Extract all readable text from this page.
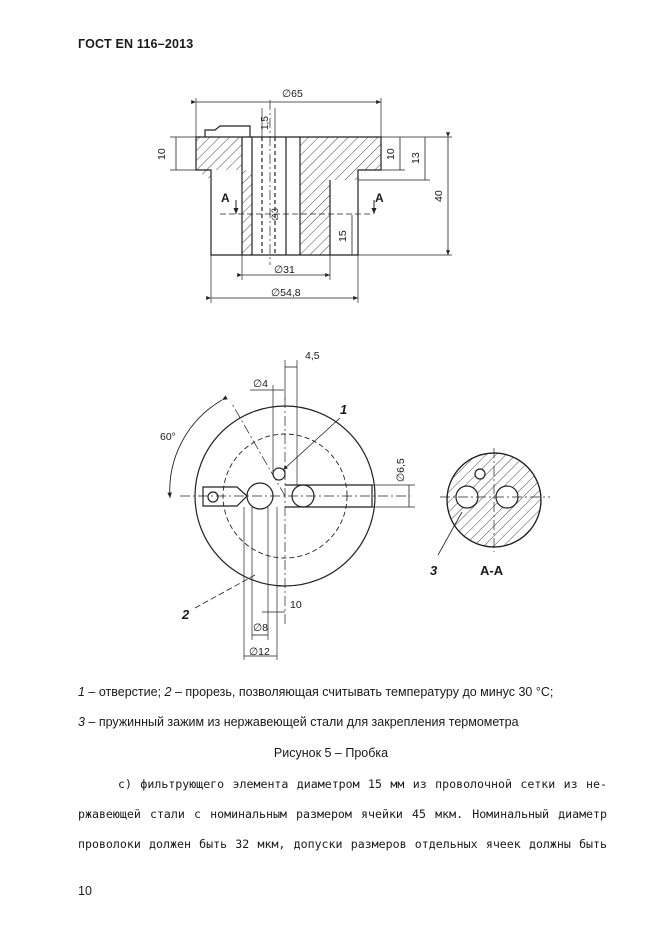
ГОСТ EN 116–2013
∅65
1,5
10	10 13
40
15
∅3
∅31
∅54,8
A	A
4,5
∅4
60°
1
∅6,5
10
∅8
∅12
2
3	А-А
1 – отверстие; 2 – прорезь, позволяющая считывать температуру до минус 30 °С;
3 – пружинный зажим из нержавеющей стали для закрепления термометра
Рисунок 5 – Пробка
с) фильтрующего элемента диаметром 15 мм из проволочной сетки из не-
ржавеющей стали с номинальным размером ячейки 45 мкм. Номинальный диаметр
проволоки должен быть 32 мкм, допуски размеров отдельных ячеек должны быть
10
